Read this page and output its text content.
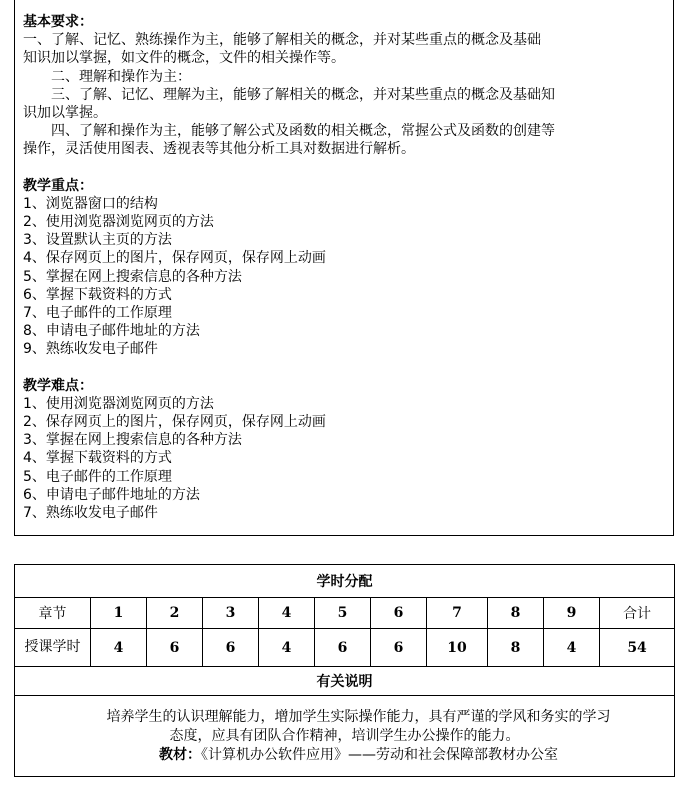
基本要求：
一、了解、记忆、熟练操作为主，能够了解相关的概念，并对某些重点的概念及基础
知识加以掌握，如文件的概念，文件的相关操作等。
二、理解和操作为主：
三、了解、记忆、理解为主，能够了解相关的概念，并对某些重点的概念及基础知
识加以掌握。
四、了解和操作为主，能够了解公式及函数的相关概念，常握公式及函数的创建等
操作，灵活使用图表、透视表等其他分析工具对数据进行解析。
教学重点：
1、浏览器窗口的结构
2、使用浏览器浏览网页的方法
3、设置默认主页的方法
4、保存网页上的图片，保存网页，保存网上动画
5、掌握在网上搜索信息的各种方法
6、掌握下载资料的方式
7、电子邮件的工作原理
8、申请电子邮件地址的方法
9、熟练收发电子邮件
教学难点：
1、使用浏览器浏览网页的方法
2、保存网页上的图片，保存网页，保存网上动画
3、掌握在网上搜索信息的各种方法
4、掌握下载资料的方式
5、电子邮件的工作原理
6、申请电子邮件地址的方法
7、熟练收发电子邮件
学时分配										
章节	1	2	3	4	5	6	7	8	9	合计
授课学时	4	6	6	4	6	6	10	8	4	54
有关说明										

培养学生的认识理解能力，增加学生实际操作能力，具有严谨的学风和务实的学习
态度，应具有团队合作精神，培训学生办公操作的能力。
教材：《计算机办公软件应用》——劳动和社会保障部教材办公室										
